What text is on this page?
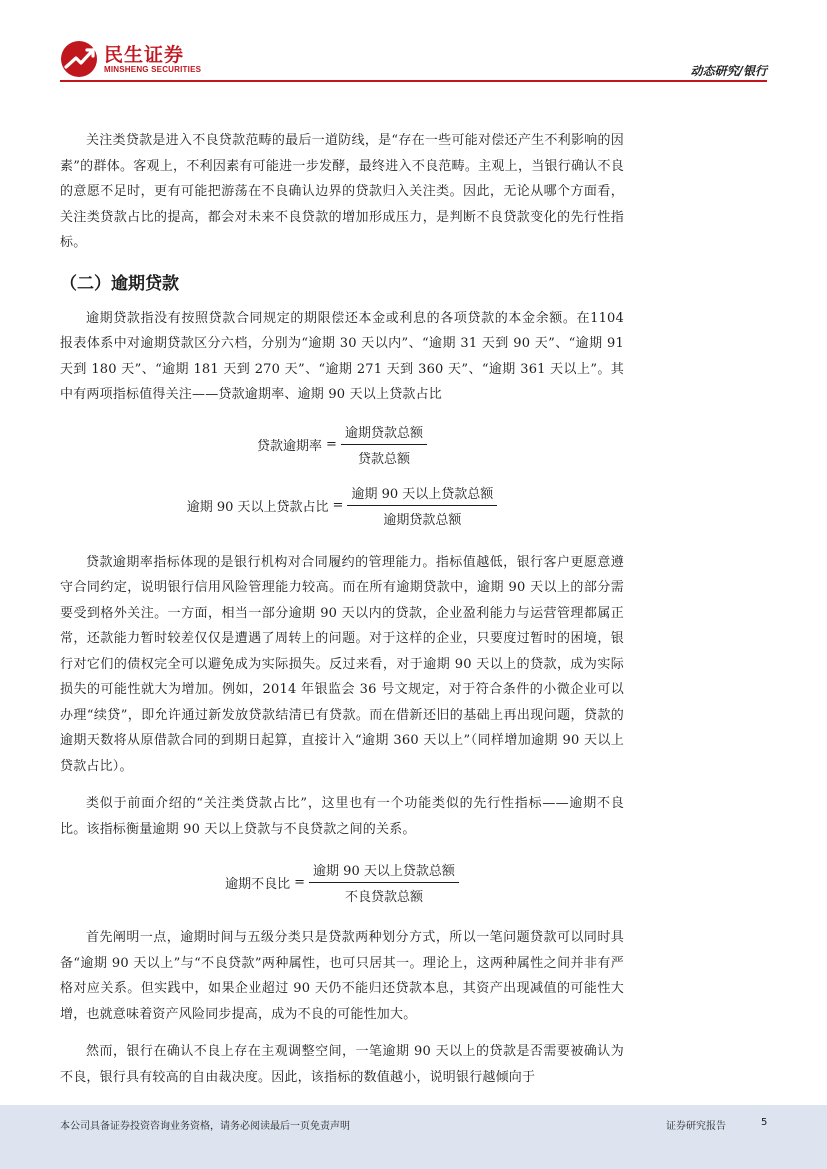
民生证券
MINSHENG SECURITIES	动态研究/银行

关注类贷款是进入不良贷款范畴的最后一道防线，是“存在一些可能对偿还产生不利影响的因素”的群体。客观上，不利因素有可能进一步发酵，最终进入不良范畴。主观上，当银行确认不良的意愿不足时，更有可能把游荡在不良确认边界的贷款归入关注类。因此，无论从哪个方面看，关注类贷款占比的提高，都会对未来不良贷款的增加形成压力，是判断不良贷款变化的先行性指标。

（二）逾期贷款

逾期贷款指没有按照贷款合同规定的期限偿还本金或利息的各项贷款的本金余额。在1104 报表体系中对逾期贷款区分六档，分别为“逾期 30 天以内”、“逾期 31 天到 90 天”、“逾期 91 天到 180 天”、“逾期 181 天到 270 天”、“逾期 271 天到 360 天”、“逾期 361 天以上”。其中有两项指标值得关注——贷款逾期率、逾期 90 天以上贷款占比

贷款逾期率 = $\frac{\text{逾期贷款总额}}{\text{贷款总额}}$
逾期 90 天以上贷款占比 = $\frac{\text{逾期 90 天以上贷款总额}}{\text{逾期贷款总额}}$

贷款逾期率指标体现的是银行机构对合同履约的管理能力。指标值越低，银行客户更愿意遵守合同约定，说明银行信用风险管理能力较高。而在所有逾期贷款中，逾期 90 天以上的部分需要受到格外关注。一方面，相当一部分逾期 90 天以内的贷款，企业盈利能力与运营管理都属正常，还款能力暂时较差仅仅是遭遇了周转上的问题。对于这样的企业，只要度过暂时的困境，银行对它们的债权完全可以避免成为实际损失。反过来看，对于逾期 90 天以上的贷款，成为实际损失的可能性就大为增加。例如，2014 年银监会 36 号文规定，对于符合条件的小微企业可以办理“续贷”，即允许通过新发放贷款结清已有贷款。而在借新还旧的基础上再出现问题，贷款的逾期天数将从原借款合同的到期日起算，直接计入“逾期 360 天以上”（同样增加逾期 90 天以上贷款占比）。

类似于前面介绍的“关注类贷款占比”，这里也有一个功能类似的先行性指标——逾期不良比。该指标衡量逾期 90 天以上贷款与不良贷款之间的关系。

逾期不良比 = $\frac{\text{逾期 90 天以上贷款总额}}{\text{不良贷款总额}}$

首先阐明一点，逾期时间与五级分类只是贷款两种划分方式，所以一笔问题贷款可以同时具备“逾期 90 天以上”与“不良贷款”两种属性，也可只居其一。理论上，这两种属性之间并非有严格对应关系。但实践中，如果企业超过 90 天仍不能归还贷款本息，其资产出现减值的可能性大增，也就意味着资产风险同步提高，成为不良的可能性加大。

然而，银行在确认不良上存在主观调整空间，一笔逾期 90 天以上的贷款是否需要被确认为不良，银行具有较高的自由裁决度。因此，该指标的数值越小，说明银行越倾向于

本公司具备证券投资咨询业务资格，请务必阅读最后一页免责声明	证券研究报告	5
